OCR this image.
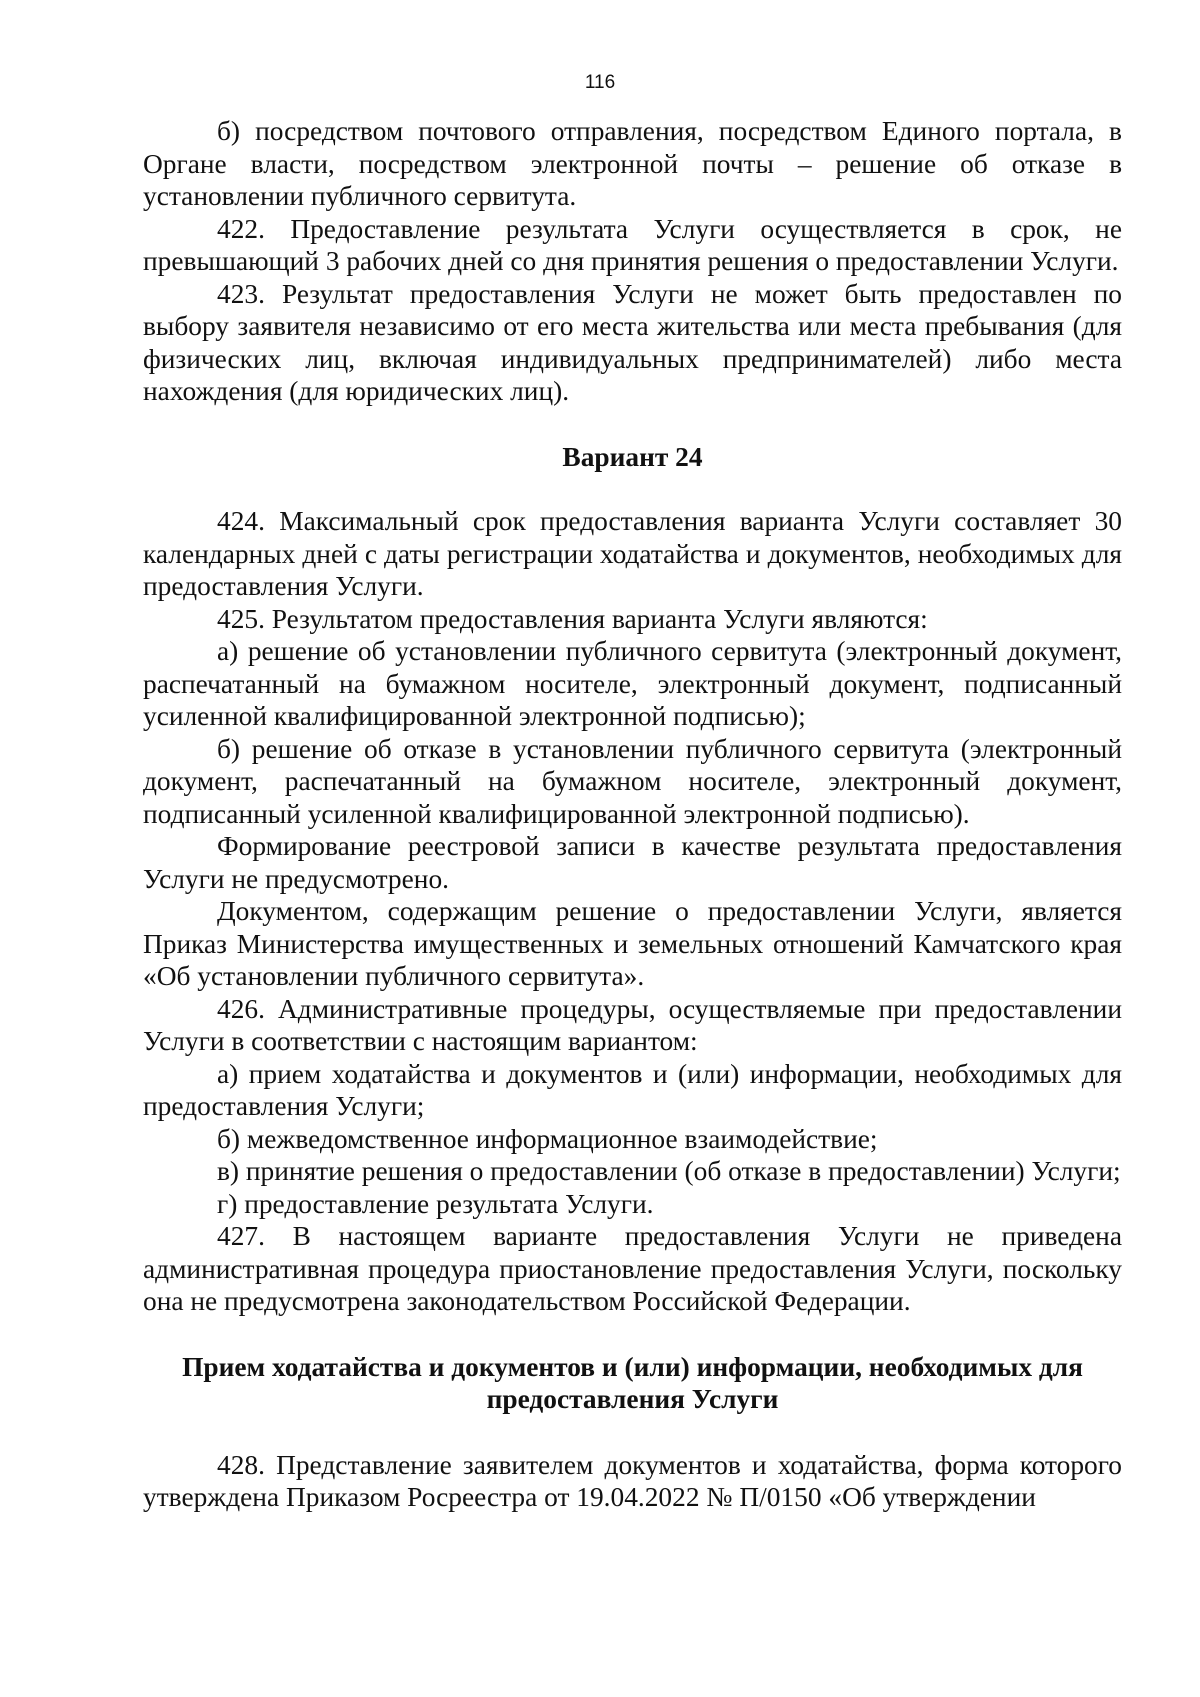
116

б) посредством почтового отправления, посредством Единого портала, в Органе власти, посредством электронной почты – решение об отказе в установлении публичного сервитута.

422. Предоставление результата Услуги осуществляется в срок, не превышающий 3 рабочих дней со дня принятия решения о предоставлении Услуги.

423. Результат предоставления Услуги не может быть предоставлен по выбору заявителя независимо от его места жительства или места пребывания (для физических лиц, включая индивидуальных предпринимателей) либо места нахождения (для юридических лиц).

Вариант 24

424. Максимальный срок предоставления варианта Услуги составляет 30 календарных дней с даты регистрации ходатайства и документов, необходимых для предоставления Услуги.

425. Результатом предоставления варианта Услуги являются:

а) решение об установлении публичного сервитута (электронный документ, распечатанный на бумажном носителе, электронный документ, подписанный усиленной квалифицированной электронной подписью);

б) решение об отказе в установлении публичного сервитута (электронный документ, распечатанный на бумажном носителе, электронный документ, подписанный усиленной квалифицированной электронной подписью).

Формирование реестровой записи в качестве результата предоставления Услуги не предусмотрено.

Документом, содержащим решение о предоставлении Услуги, является Приказ Министерства имущественных и земельных отношений Камчатского края «Об установлении публичного сервитута».

426. Административные процедуры, осуществляемые при предоставлении Услуги в соответствии с настоящим вариантом:

а) прием ходатайства и документов и (или) информации, необходимых для предоставления Услуги;

б) межведомственное информационное взаимодействие;

в) принятие решения о предоставлении (об отказе в предоставлении) Услуги;

г) предоставление результата Услуги.

427. В настоящем варианте предоставления Услуги не приведена административная процедура приостановление предоставления Услуги, поскольку она не предусмотрена законодательством Российской Федерации.

Прием ходатайства и документов и (или) информации, необходимых для предоставления Услуги

428. Представление заявителем документов и ходатайства, форма которого утверждена Приказом Росреестра от 19.04.2022 № П/0150 «Об утверждении
